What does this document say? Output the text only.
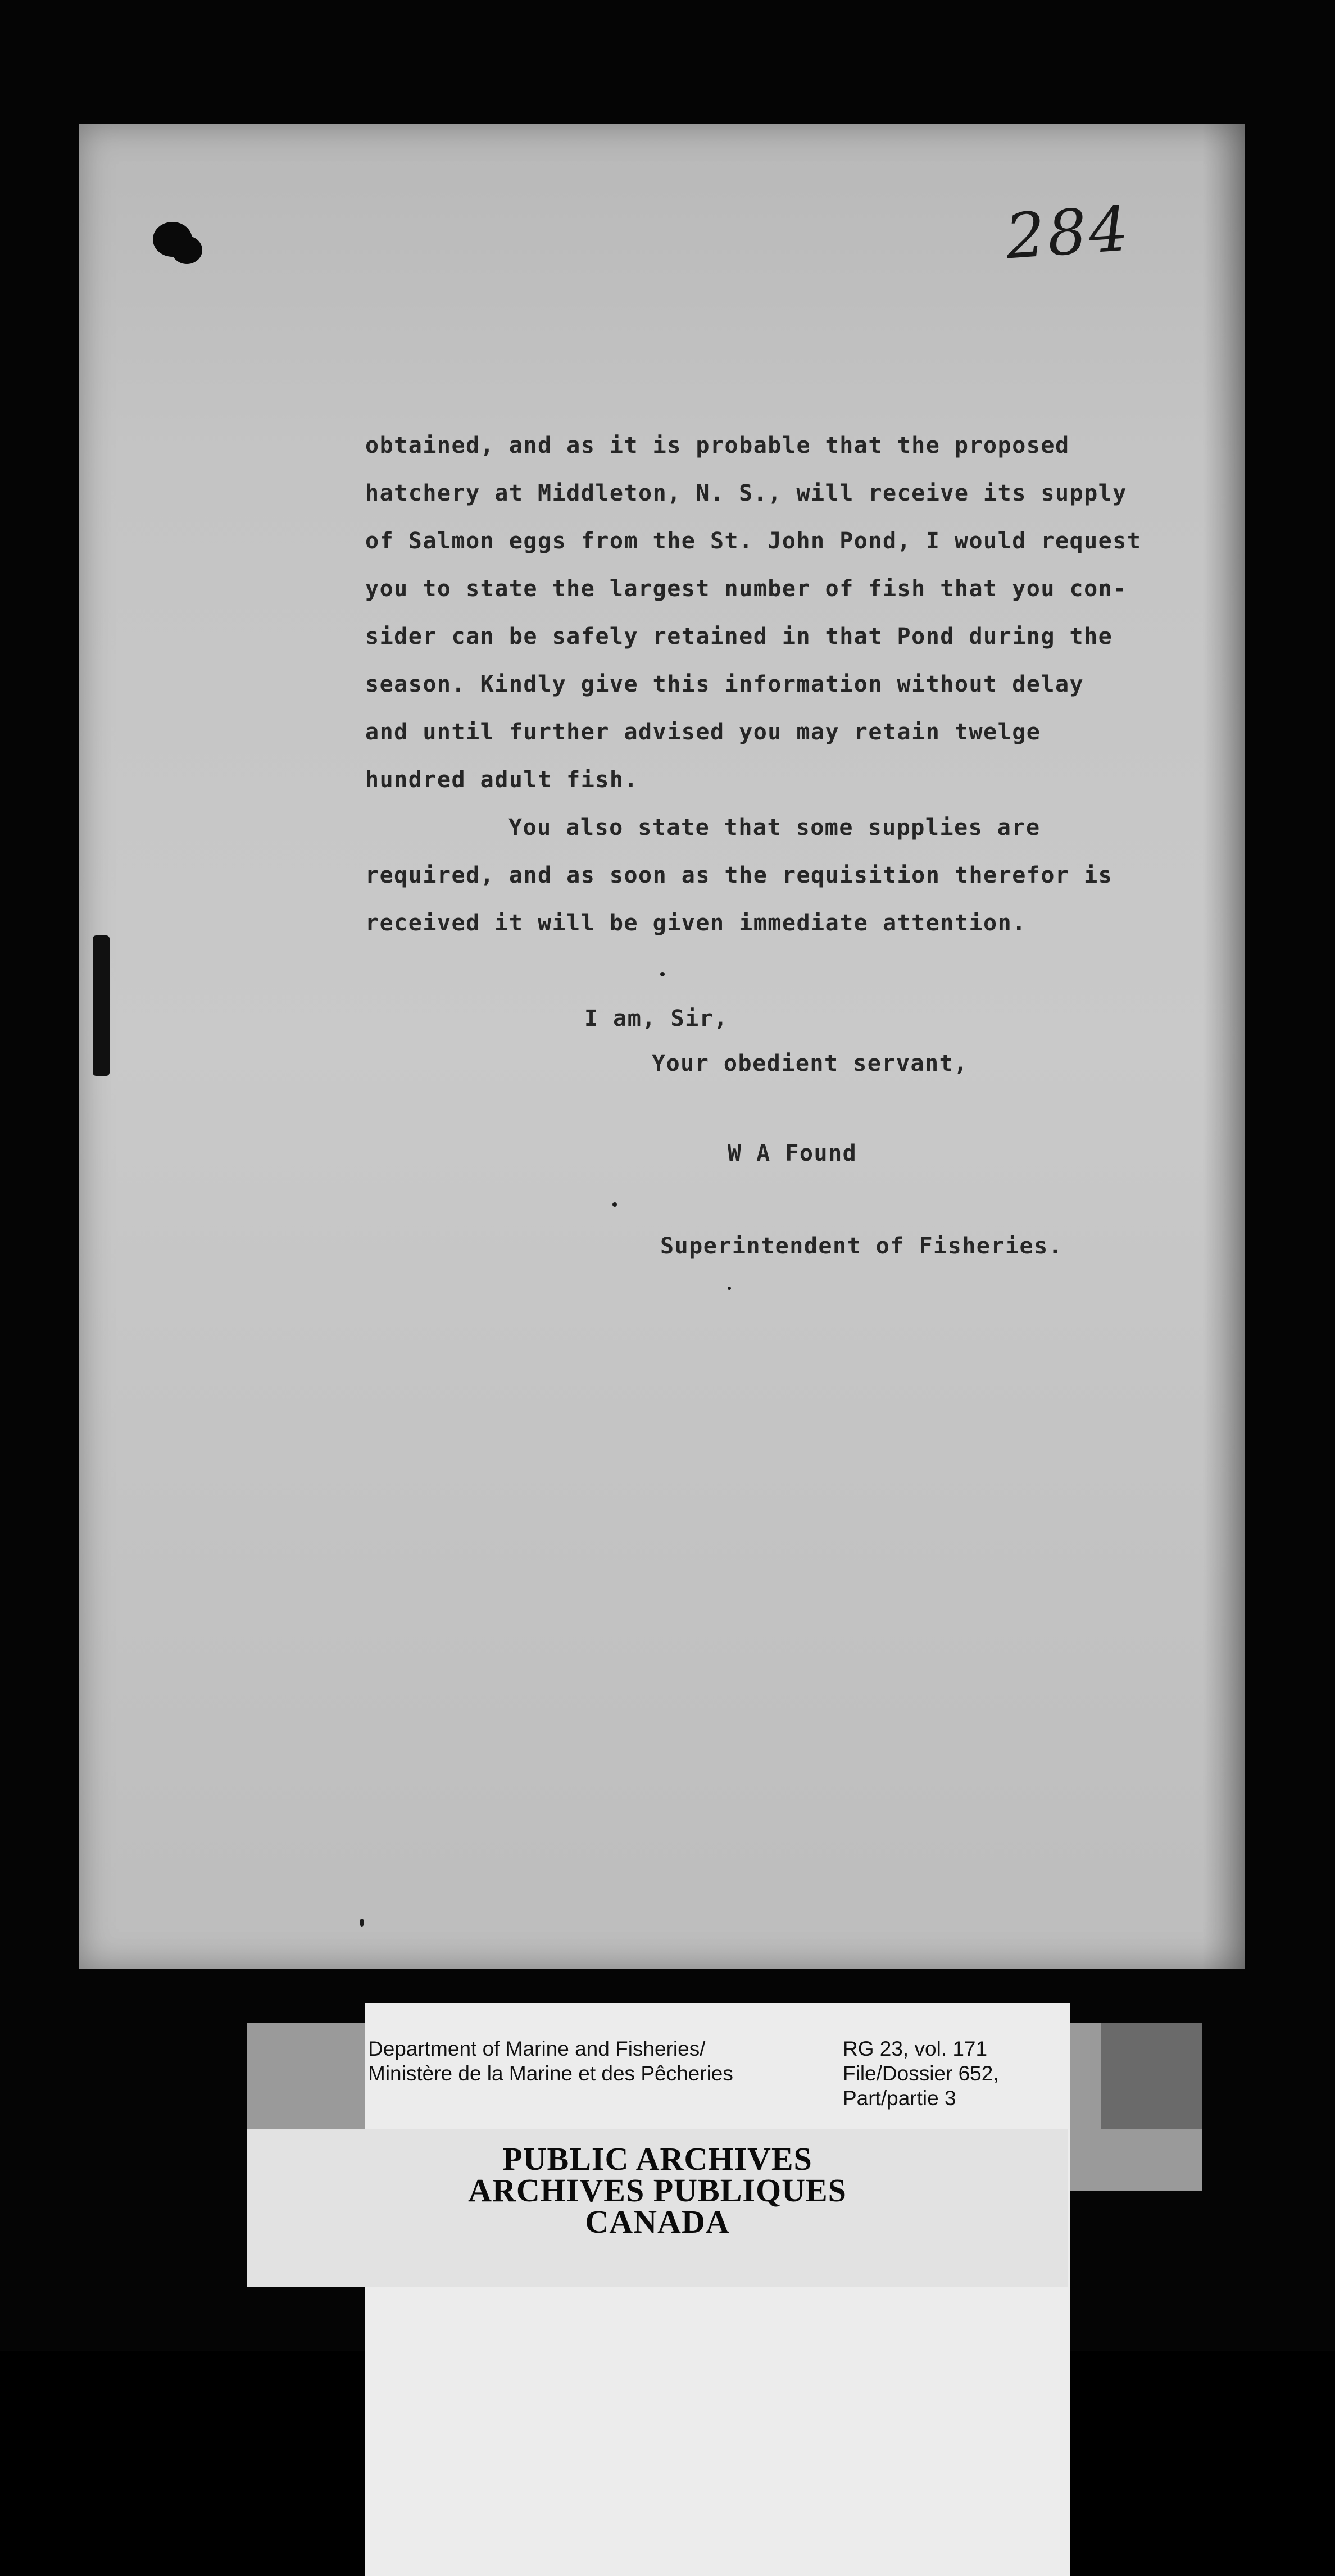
284

obtained, and as it is probable that the proposed
hatchery at Middleton, N. S., will receive its supply
of Salmon eggs from the St. John Pond, I would request
you to state the largest number of fish that you con-
sider can be safely retained in that Pond during the
season. Kindly give this information without delay
and until further advised you may retain twelge
hundred adult fish.
You also state that some supplies are
required, and as soon as the requisition therefor is
received it will be given immediate attention.
I am, Sir,
Your obedient servant,
W A Found
Superintendent of Fisheries.
Department of Marine and Fisheries/
Ministère de la Marine et des Pêcheries
RG 23, vol. 171
File/Dossier 652,
Part/partie 3
PUBLIC ARCHIVES
ARCHIVES PUBLIQUES
CANADA
